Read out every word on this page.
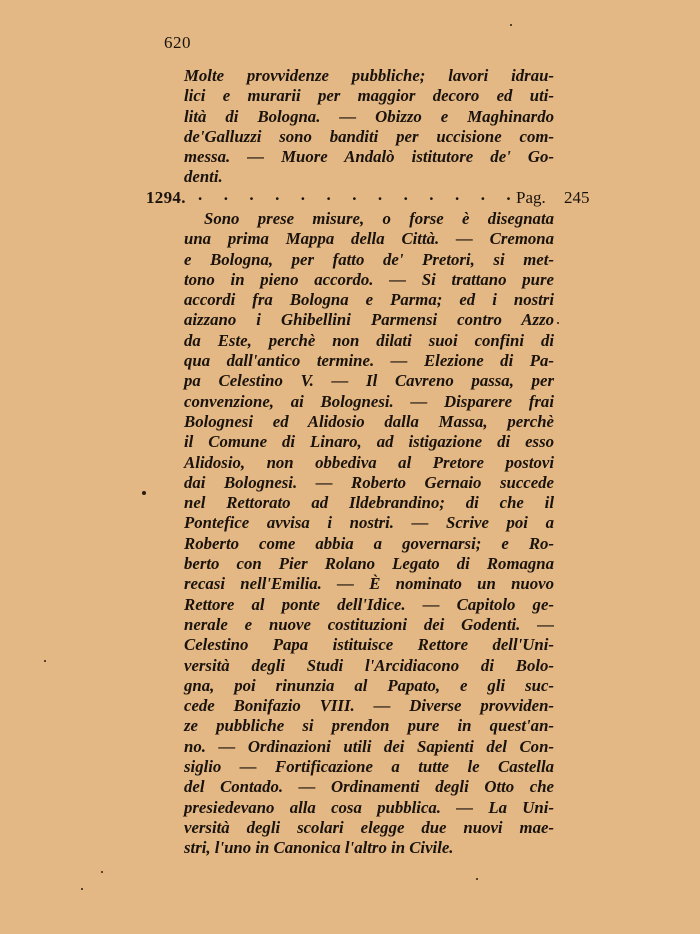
620
Molte provvidenze pubbliche; lavori idrau-
lici e murarii per maggior decoro ed uti-
lità di Bologna. — Obizzo e Maghinardo
de'Galluzzi sono banditi per uccisione com-
messa. — Muore Andalò istitutore de' Go-
denti.
1294. . . . . . . . . . . . . .
Pag. 245
Sono prese misure, o forse è disegnata
una prima Mappa della Città. — Cremona
e Bologna, per fatto de' Pretori, si met-
tono in pieno accordo. — Si trattano pure
accordi fra Bologna e Parma; ed i nostri
aizzano i Ghibellini Parmensi contro Azzo
da Este, perchè non dilati suoi confini di
qua dall'antico termine. — Elezione di Pa-
pa Celestino V. — Il Cavreno passa, per
convenzione, ai Bolognesi. — Disparere frai
Bolognesi ed Alidosio dalla Massa, perchè
il Comune di Linaro, ad istigazione di esso
Alidosio, non obbediva al Pretore postovi
dai Bolognesi. — Roberto Gernaio succede
nel Rettorato ad Ildebrandino; di che il
Pontefice avvisa i nostri. — Scrive poi a
Roberto come abbia a governarsi; e Ro-
berto con Pier Rolano Legato di Romagna
recasi nell'Emilia. — È nominato un nuovo
Rettore al ponte dell'Idice. — Capitolo ge-
nerale e nuove costituzioni dei Godenti. —
Celestino Papa istituisce Rettore dell'Uni-
versità degli Studi l'Arcidiacono di Bolo-
gna, poi rinunzia al Papato, e gli suc-
cede Bonifazio VIII. — Diverse provviden-
ze pubbliche si prendon pure in quest'an-
no. — Ordinazioni utili dei Sapienti del Con-
siglio — Fortificazione a tutte le Castella
del Contado. — Ordinamenti degli Otto che
presiedevano alla cosa pubblica. — La Uni-
versità degli scolari elegge due nuovi mae-
stri, l'uno in Canonica l'altro in Civile.
